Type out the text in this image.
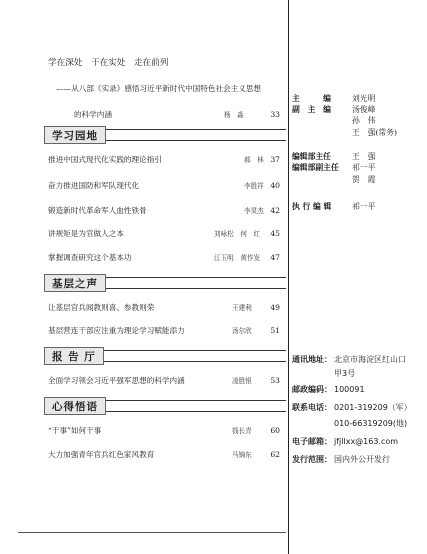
学在深处　干在实处　走在前列
——从八部《实录》感悟习近平新时代中国特色社会主义思想
的科学内涵	杨　淼	33
学习园地
推进中国式现代化实践的理论指引	郝　林 37
奋力推进国防和军队现代化	李胜祥 40
锻造新时代革命军人血性铁骨	李炅杰 42
讲规矩是为官做人之本	刘咏松　何　红 45
掌握调查研究这个基本功	江玉明　黄作发 47
基层之声
让基层官兵闻教则喜、参教则荣	王建利 49
基层营连干部应注重为理论学习赋能添力	汤尔欣 51
报 告 厅
全面学习领会习近平强军思想的科学内涵	凌胜银 53
心得悟语
“干事”如何干事	钱长青 60
大力加强青年官兵红色家风教育	马锦东 62
主　　　编	刘光明
副　主　编	汤俊峰
孙　伟
王　强(常务)
编辑部主任	王　强
编辑部副主任 祁一平
贺　霞
执 行 编 辑	祁一平
通讯地址： 北京市海淀区红山口
甲3号
邮政编码： 100091
联系电话： 0201-319209（军）
010-66319209(地)
电子邮箱： jfjllxx@163.com
发行范围： 国内外公开发行
